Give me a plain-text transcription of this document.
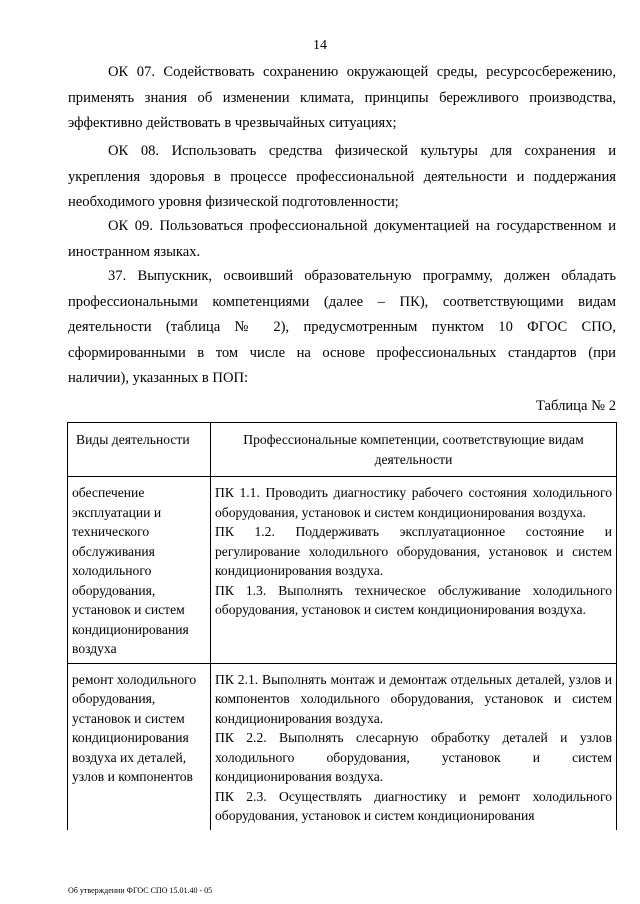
14

ОК 07. Содействовать сохранению окружающей среды, ресурсосбережению, применять знания об изменении климата, принципы бережливого производства, эффективно действовать в чрезвычайных ситуациях;

ОК 08. Использовать средства физической культуры для сохранения и укрепления здоровья в процессе профессиональной деятельности и поддержания необходимого уровня физической подготовленности;

ОК 09. Пользоваться профессиональной документацией на государственном и иностранном языках.

37. Выпускник, освоивший образовательную программу, должен обладать профессиональными компетенциями (далее – ПК), соответствующими видам деятельности (таблица № 2), предусмотренным пунктом 10 ФГОС СПО, сформированными в том числе на основе профессиональных стандартов (при наличии), указанных в ПОП:

Таблица № 2
Виды деятельности	Профессиональные компетенции, соответствующие видам деятельности
обеспечение эксплуатации и технического обслуживания холодильного оборудования, установок и систем кондиционирования воздуха	ПК 1.1. Проводить диагностику рабочего состояния холодильного оборудования, установок и систем кондиционирования воздуха.
ПК 1.2. Поддерживать эксплуатационное состояние и регулирование холодильного оборудования, установок и систем кондиционирования воздуха.
ПК 1.3. Выполнять техническое обслуживание холодильного оборудования, установок и систем кондиционирования воздуха.

ремонт холодильного оборудования, установок и систем кондиционирования воздуха их деталей, узлов и компонентов	ПК 2.1. Выполнять монтаж и демонтаж отдельных деталей, узлов и компонентов холодильного оборудования, установок и систем кондиционирования воздуха.
ПК 2.2. Выполнять слесарную обработку деталей и узлов холодильного оборудования, установок и систем кондиционирования воздуха.
ПК 2.3. Осуществлять диагностику и ремонт холодильного оборудования, установок и систем кондиционирования
Об утверждении ФГОС СПО 15.01.40 - 05
